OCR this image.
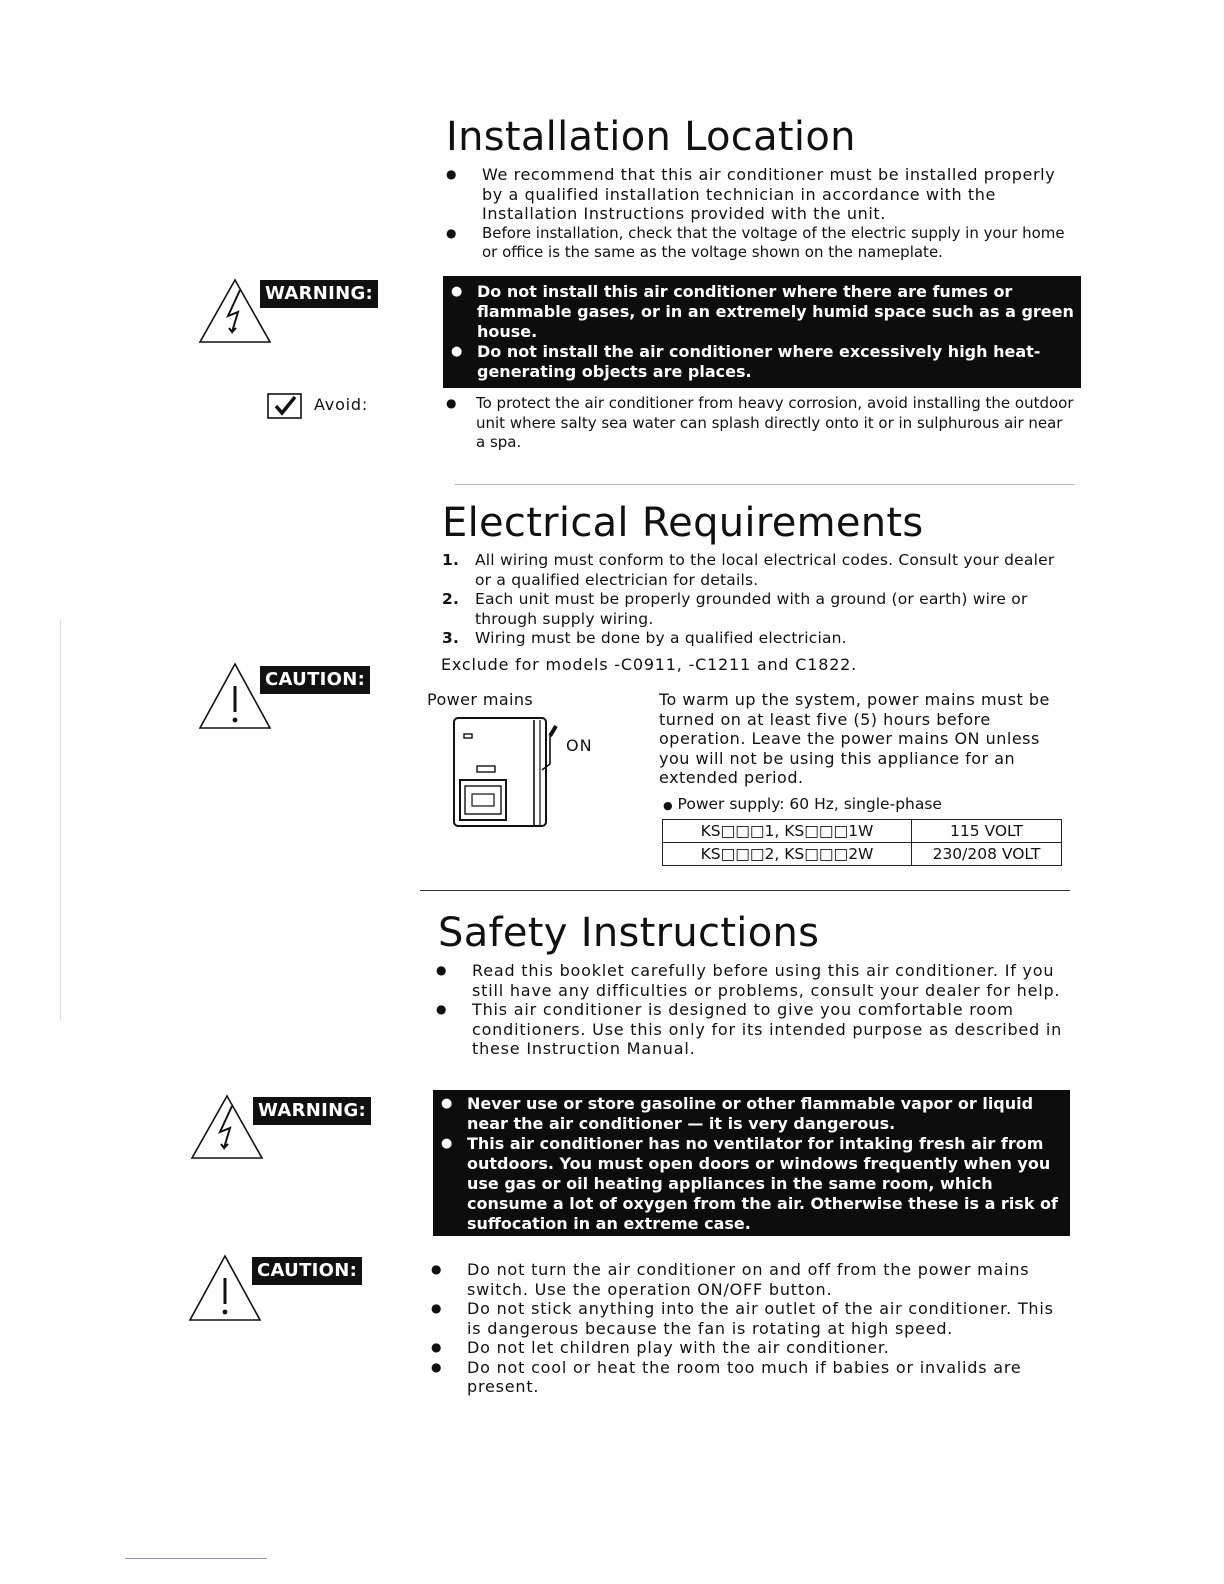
Installation Location
● We recommend that this air conditioner must be installed properly by a qualified installation technician in accordance with the Installation Instructions provided with the unit.
● Before installation, check that the voltage of the electric supply in your home or office is the same as the voltage shown on the nameplate.
WARNING:	● Do not install this air conditioner where there are fumes or flammable gases, or in an extremely humid space such as a green house.
● Do not install the air conditioner where excessively high heat-generating objects are places.
Avoid:	● To protect the air conditioner from heavy corrosion, avoid installing the outdoor unit where salty sea water can splash directly onto it or in sulphurous air near a spa.
Electrical Requirements
1. All wiring must conform to the local electrical codes. Consult your dealer or a qualified electrician for details.
2. Each unit must be properly grounded with a ground (or earth) wire or through supply wiring.
3. Wiring must be done by a qualified electrician.
CAUTION:
Exclude for models -C0911, -C1211 and C1822.
Power mains
ON
To warm up the system, power mains must be turned on at least five (5) hours before operation. Leave the power mains ON unless you will not be using this appliance for an extended period.
● Power supply: 60 Hz, single-phase
KS□□□1, KS□□□1W	115 VOLT
KS□□□2, KS□□□2W	230/208 VOLT
Safety Instructions
● Read this booklet carefully before using this air conditioner. If you still have any difficulties or problems, consult your dealer for help.
● This air conditioner is designed to give you comfortable room conditioners. Use this only for its intended purpose as described in these Instruction Manual.
WARNING:	● Never use or store gasoline or other flammable vapor or liquid near the air conditioner — it is very dangerous.
● This air conditioner has no ventilator for intaking fresh air from outdoors. You must open doors or windows frequently when you use gas or oil heating appliances in the same room, which consume a lot of oxygen from the air. Otherwise these is a risk of suffocation in an extreme case.
CAUTION:	● Do not turn the air conditioner on and off from the power mains switch. Use the operation ON/OFF button.
● Do not stick anything into the air outlet of the air conditioner. This is dangerous because the fan is rotating at high speed.
● Do not let children play with the air conditioner.
● Do not cool or heat the room too much if babies or invalids are present.
